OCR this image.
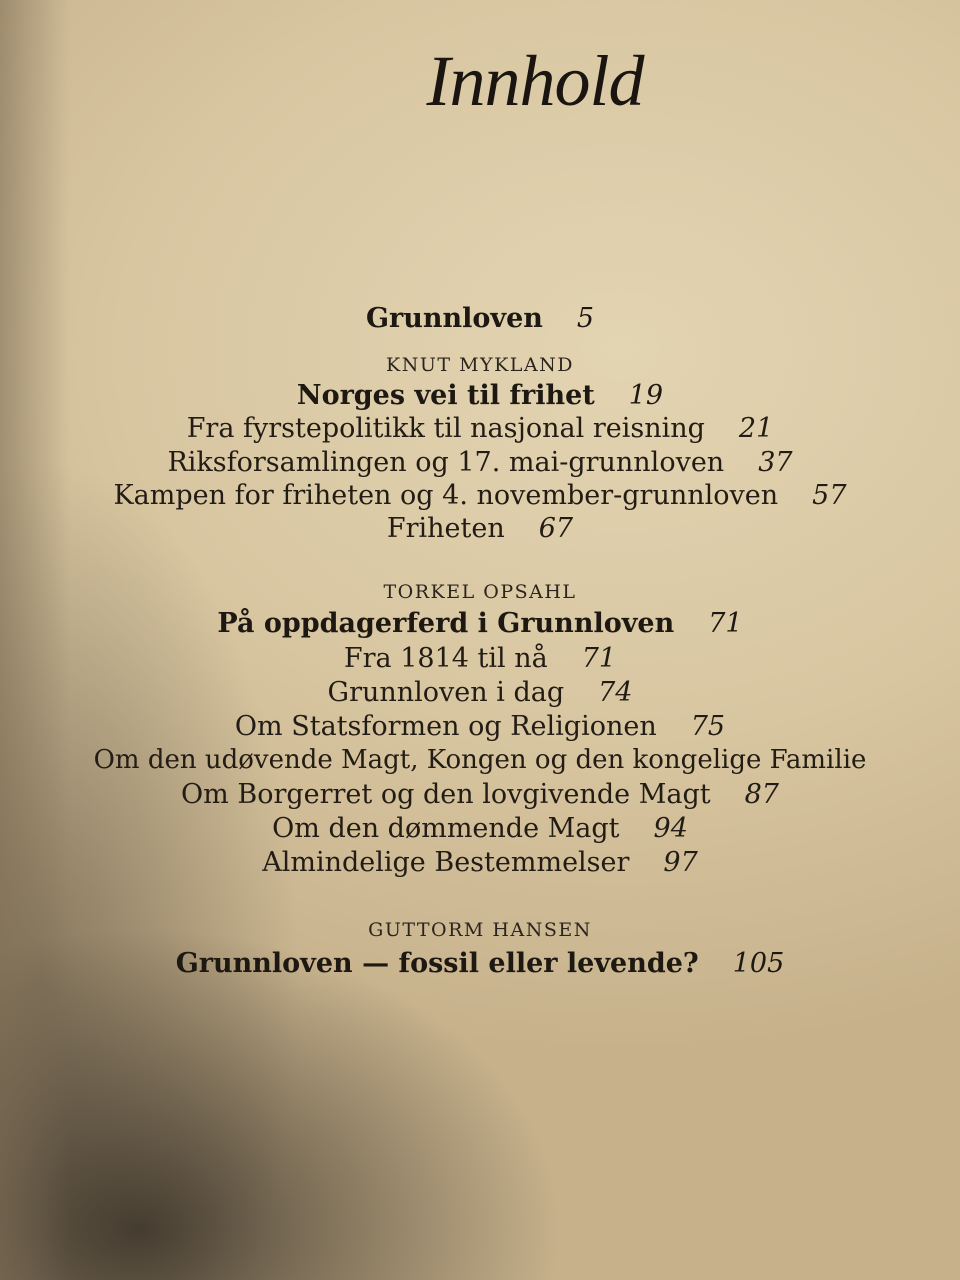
Innhold
Grunnloven 5
KNUT MYKLAND
Norges vei til frihet 19
Fra fyrstepolitikk til nasjonal reisning 21
Riksforsamlingen og 17. mai-grunnloven 37
Kampen for friheten og 4. november-grunnloven 57
Friheten 67
TORKEL OPSAHL
På oppdagerferd i Grunnloven 71
Fra 1814 til nå 71
Grunnloven i dag 74
Om Statsformen og Religionen 75
Om den udøvende Magt, Kongen og den kongelige Familie
Om Borgerret og den lovgivende Magt 87
Om den dømmende Magt 94
Almindelige Bestemmelser 97
GUTTORM HANSEN
Grunnloven — fossil eller levende? 105
